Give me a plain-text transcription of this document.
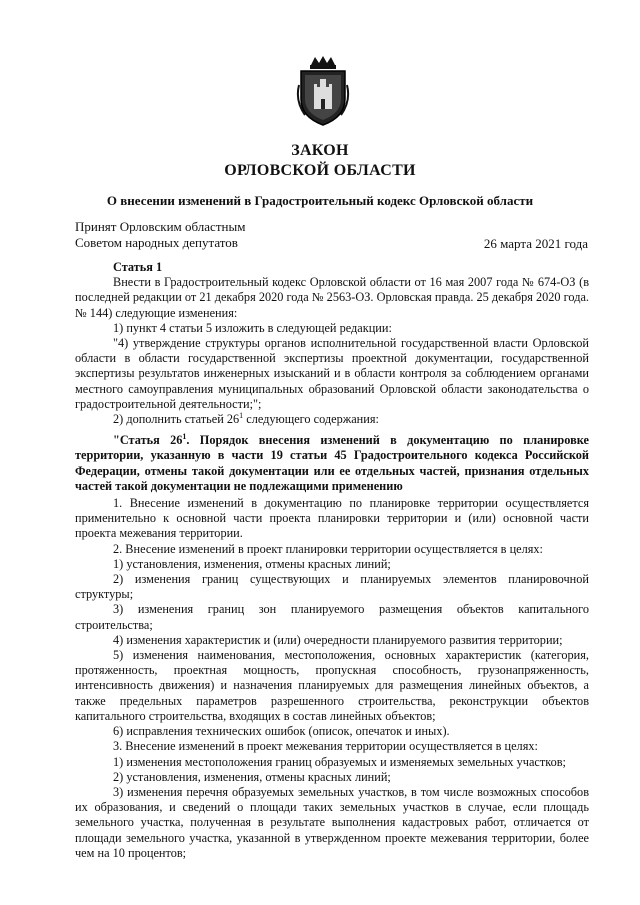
ЗАКОН
ОРЛОВСКОЙ ОБЛАСТИ
О внесении изменений в Градостроительный кодекс Орловской области
Принят Орловским областным
Советом народных депутатов	26 марта 2021 года

Статья 1

Внести в Градостроительный кодекс Орловской области от 16 мая 2007 года № 674-ОЗ (в последней редакции от 21 декабря 2020 года № 2563-ОЗ. Орловская правда. 25 декабря 2020 года. № 144) следующие изменения:

1) пункт 4 статьи 5 изложить в следующей редакции:

"4) утверждение структуры органов исполнительной государственной власти Орловской области в области государственной экспертизы проектной документации, государственной экспертизы результатов инженерных изысканий и в области контроля за соблюдением органами местного самоуправления муниципальных образований Орловской области законодательства о градостроительной деятельности;";

2) дополнить статьей $26^1$ следующего содержания:

"Статья $26^1$. Порядок внесения изменений в документацию по планировке территории, указанную в части 19 статьи 45 Градостроительного кодекса Российской Федерации, отмены такой документации или ее отдельных частей, признания отдельных частей такой документации не подлежащими применению

1. Внесение изменений в документацию по планировке территории осуществляется применительно к основной части проекта планировки территории и (или) основной части проекта межевания территории.

2. Внесение изменений в проект планировки территории осуществляется в целях:

1) установления, изменения, отмены красных линий;

2) изменения границ существующих и планируемых элементов планировочной структуры;

3) изменения границ зон планируемого размещения объектов капитального строительства;

4) изменения характеристик и (или) очередности планируемого развития территории;

5) изменения наименования, местоположения, основных характеристик (категория, протяженность, проектная мощность, пропускная способность, грузонапряженность, интенсивность движения) и назначения планируемых для размещения линейных объектов, а также предельных параметров разрешенного строительства, реконструкции объектов капитального строительства, входящих в состав линейных объектов;

6) исправления технических ошибок (описок, опечаток и иных).

3. Внесение изменений в проект межевания территории осуществляется в целях:

1) изменения местоположения границ образуемых и изменяемых земельных участков;

2) установления, изменения, отмены красных линий;

3) изменения перечня образуемых земельных участков, в том числе возможных способов их образования, и сведений о площади таких земельных участков в случае, если площадь земельного участка, полученная в результате выполнения кадастровых работ, отличается от площади земельного участка, указанной в утвержденном проекте межевания территории, более чем на 10 процентов;
